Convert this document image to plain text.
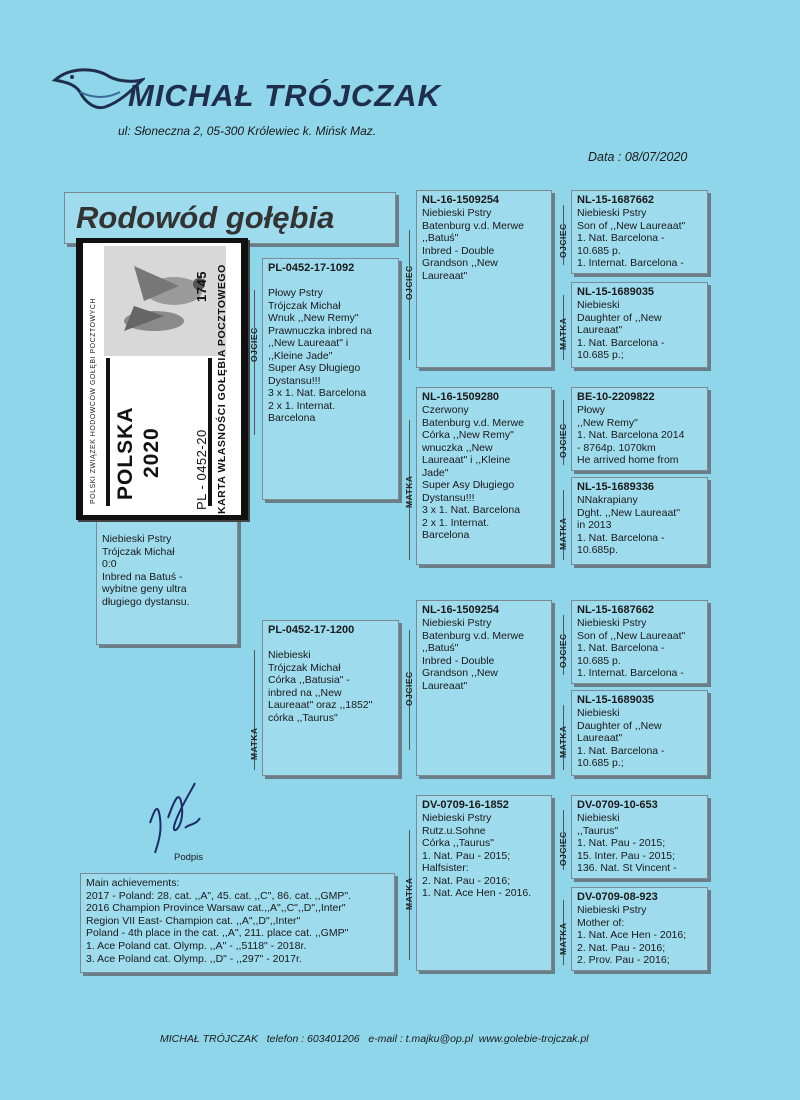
MICHAŁ TRÓJCZAK
ul: Słoneczna 2, 05-300 Królewiec k. Mińsk Maz.
Data : 08/07/2020
Rodowód gołębia
Niebieski Pstry
Trójczak Michał
0:0
Inbred na Batuś -
wybitne geny ultra
długiego dystansu.
POLSKI ZWIĄZEK HODOWCÓW GOŁĘBI POCZTOWYCH POLSKA 2020
1745
PL - 0452-20 KARTA WŁASNOŚCI GOŁĘBIA POCZTOWEGO	PL-0452-17-1092
Płowy Pstry
Trójczak Michał
Wnuk ,,New Remy"
Prawnuczka inbred na
,,New Laureaat" i
,,Kleine Jade"
Super Asy Długiego
Dystansu!!!
3 x 1. Nat. Barcelona
2 x 1. Internat.
Barcelona
PL-0452-17-1200
Niebieski
Trójczak Michał
Córka ,,Batusia" -
inbred na ,,New
Laureaat" oraz ,,1852"
córka ,,Taurus"
OJCIEC
MATKA
NL-16-1509254
Niebieski Pstry
Batenburg v.d. Merwe
,,Batuś"
Inbred - Double
Grandson ,,New
Laureaat"
NL-16-1509280
Czerwony
Batenburg v.d. Merwe
Córka ,,New Remy"
wnuczka ,,New
Laureaat" i ,,Kleine
Jade"
Super Asy Długiego
Dystansu!!!
3 x 1. Nat. Barcelona
2 x 1. Internat.
Barcelona
NL-16-1509254
Niebieski Pstry
Batenburg v.d. Merwe
,,Batuś"
Inbred - Double
Grandson ,,New
Laureaat"
DV-0709-16-1852
Niebieski Pstry
Rutz.u.Sohne
Córka ,,Taurus"
1. Nat. Pau - 2015;
Halfsister:
2. Nat. Pau - 2016;
1. Nat. Ace Hen - 2016.
OJCIEC
MATKA
OJCIEC
MATKA
NL-15-1687662
Niebieski Pstry
Son of ,,New Laureaat"
1. Nat. Barcelona -
10.685 p.
1. Internat. Barcelona -
NL-15-1689035
Niebieski
Daughter of ,,New
Laureaat"
1. Nat. Barcelona -
10.685 p.;
BE-10-2209822
Płowy
,,New Remy"
1. Nat. Barcelona 2014
- 8764p. 1070km
He arrived home from
NL-15-1689336
NNakrapiany
Dght. ,,New Laureaat"
in 2013
1. Nat. Barcelona -
10.685p.
NL-15-1687662
Niebieski Pstry
Son of ,,New Laureaat"
1. Nat. Barcelona -
10.685 p.
1. Internat. Barcelona -
NL-15-1689035
Niebieski
Daughter of ,,New
Laureaat"
1. Nat. Barcelona -
10.685 p.;
DV-0709-10-653
Niebieski
,,Taurus"
1. Nat. Pau - 2015;
15. Inter. Pau - 2015;
136. Nat. St Vincent -
DV-0709-08-923
Niebieski Pstry
Mother of:
1. Nat. Ace Hen - 2016;
2. Nat. Pau - 2016;
2. Prov. Pau - 2016;
OJCIEC
MATKA
OJCIEC
MATKA
OJCIEC
MATKA
OJCIEC
MATKA
Podpis
Main achievements:
2017 - Poland: 28. cat. ,,A", 45. cat. ,,C", 86. cat. ,,GMP".
2016 Champion Province Warsaw cat.,,A",,C",,D",,Inter"
Region VII East- Champion cat. ,,A",,D",,Inter"
Poland - 4th place in the cat. ,,A", 211. place cat. ,,GMP"
1. Ace Poland cat. Olymp. ,,A" - ,,5118" - 2018r.
3. Ace Poland cat. Olymp. ,,D" - ,,297" - 2017r.
MICHAŁ TRÓJCZAK   telefon : 603401206   e-mail : t.majku@op.pl  www.golebie-trojczak.pl
